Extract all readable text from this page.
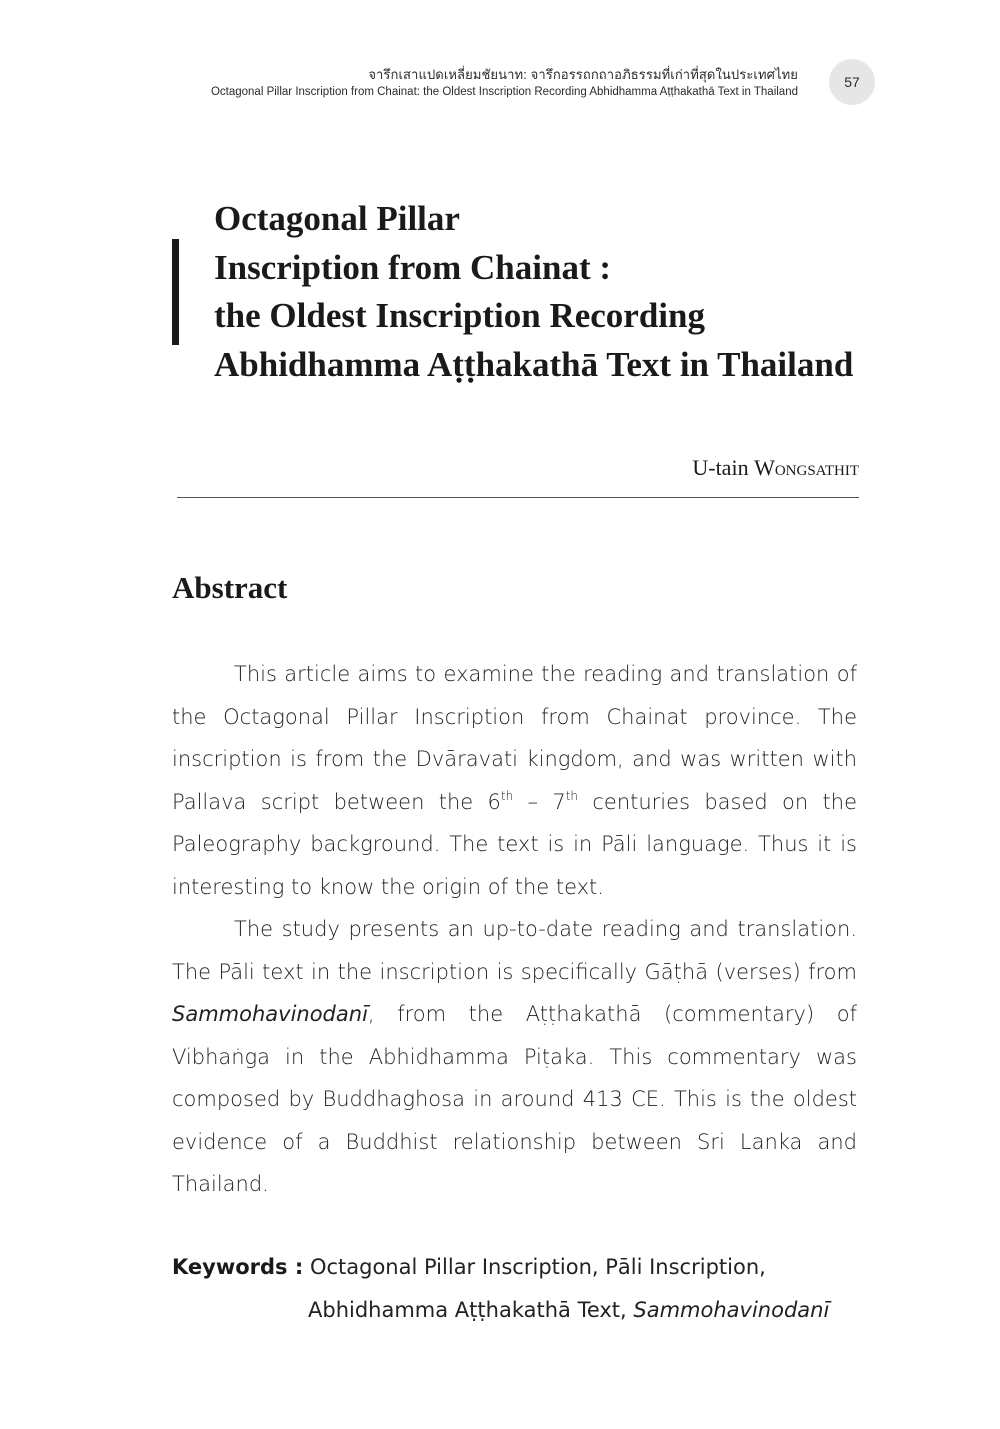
จารึกเสาแปดเหลี่ยมชัยนาท: จารึกอรรถกถาอภิธรรมที่เก่าที่สุดในประเทศไทย
Octagonal Pillar Inscription from Chainat: the Oldest Inscription Recording Abhidhamma Aṭṭhakathā Text in Thailand
57
Octagonal Pillar
Inscription from Chainat :
the Oldest Inscription Recording
Abhidhamma Aṭṭhakathā Text in Thailand
U-tain Wongsathit
Abstract

This article aims to examine the reading and translation of the Octagonal Pillar Inscription from Chainat province. The inscription is from the Dvāravati kingdom, and was written with Pallava script between the 6th – 7th centuries based on the Paleography background. The text is in Pāli language. Thus it is interesting to know the origin of the text.

The study presents an up-to-date reading and translation. The Pāli text in the inscription is specifically Gāṭhā (verses) from Sammohavinodanī, from the Aṭṭhakathā (commentary) of Vibhaṅga in the Abhidhamma Piṭaka. This commentary was composed by Buddhaghosa in around 413 CE. This is the oldest evidence of a Buddhist relationship between Sri Lanka and Thailand.

Keywords : Octagonal Pillar Inscription, Pāli Inscription,
Abhidhamma Aṭṭhakathā Text, Sammohavinodanī
